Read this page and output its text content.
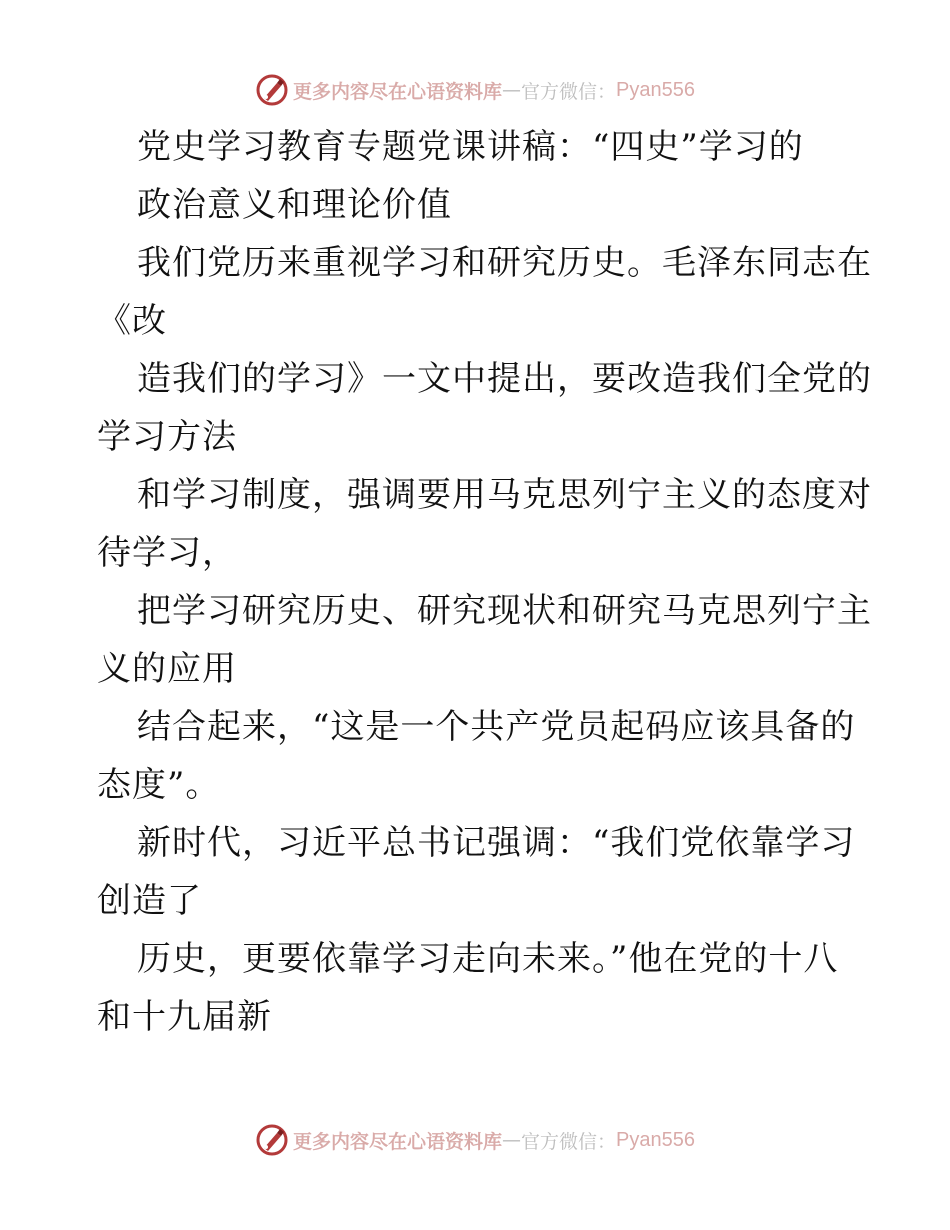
更多内容尽在心语资料库 — 官方微信： Pyan556
党史学习教育专题党课讲稿：“四史”学习的
政治意义和理论价值
我们党历来重视学习和研究历史。毛泽东同志在
《改
造我们的学习》一文中提出，要改造我们全党的
学习方法
和学习制度，强调要用马克思列宁主义的态度对
待学习，
把学习研究历史、研究现状和研究马克思列宁主
义的应用
结合起来，“这是一个共产党员起码应该具备的
态度”。
新时代，习近平总书记强调：“我们党依靠学习
创造了
历史，更要依靠学习走向未来。”他在党的十八
和十九届新
更多内容尽在心语资料库 — 官方微信： Pyan556
